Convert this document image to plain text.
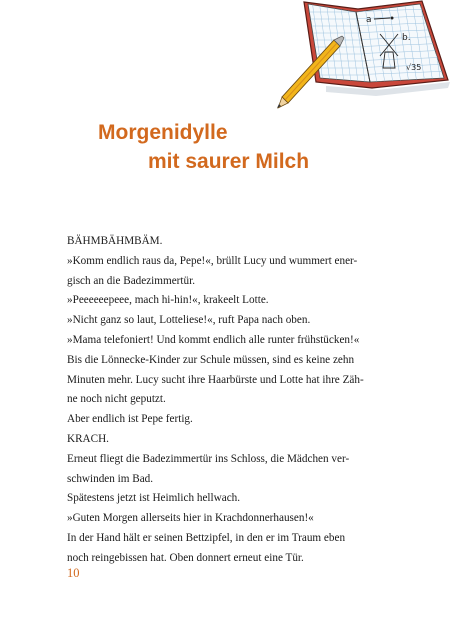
a
b.
√35
Morgenidylle
mit saurer Milch
BÄHMBÄHMBÄM.
»Komm endlich raus da, Pepe!«, brüllt Lucy und wummert ener-
gisch an die Badezimmertür.
»Peeeeeepeee, mach hi-hin!«, krakeelt Lotte.
»Nicht ganz so laut, Lotteliese!«, ruft Papa nach oben.
»Mama telefoniert! Und kommt endlich alle runter frühstücken!«
Bis die Lönnecke-Kinder zur Schule müssen, sind es keine zehn
Minuten mehr. Lucy sucht ihre Haarbürste und Lotte hat ihre Zäh-
ne noch nicht geputzt.
Aber endlich ist Pepe fertig.
KRACH.
Erneut fliegt die Badezimmertür ins Schloss, die Mädchen ver-
schwinden im Bad.
Spätestens jetzt ist Heimlich hellwach.
»Guten Morgen allerseits hier in Krachdonnerhausen!«
In der Hand hält er seinen Bettzipfel, in den er im Traum eben
noch reingebissen hat. Oben donnert erneut eine Tür.
10
